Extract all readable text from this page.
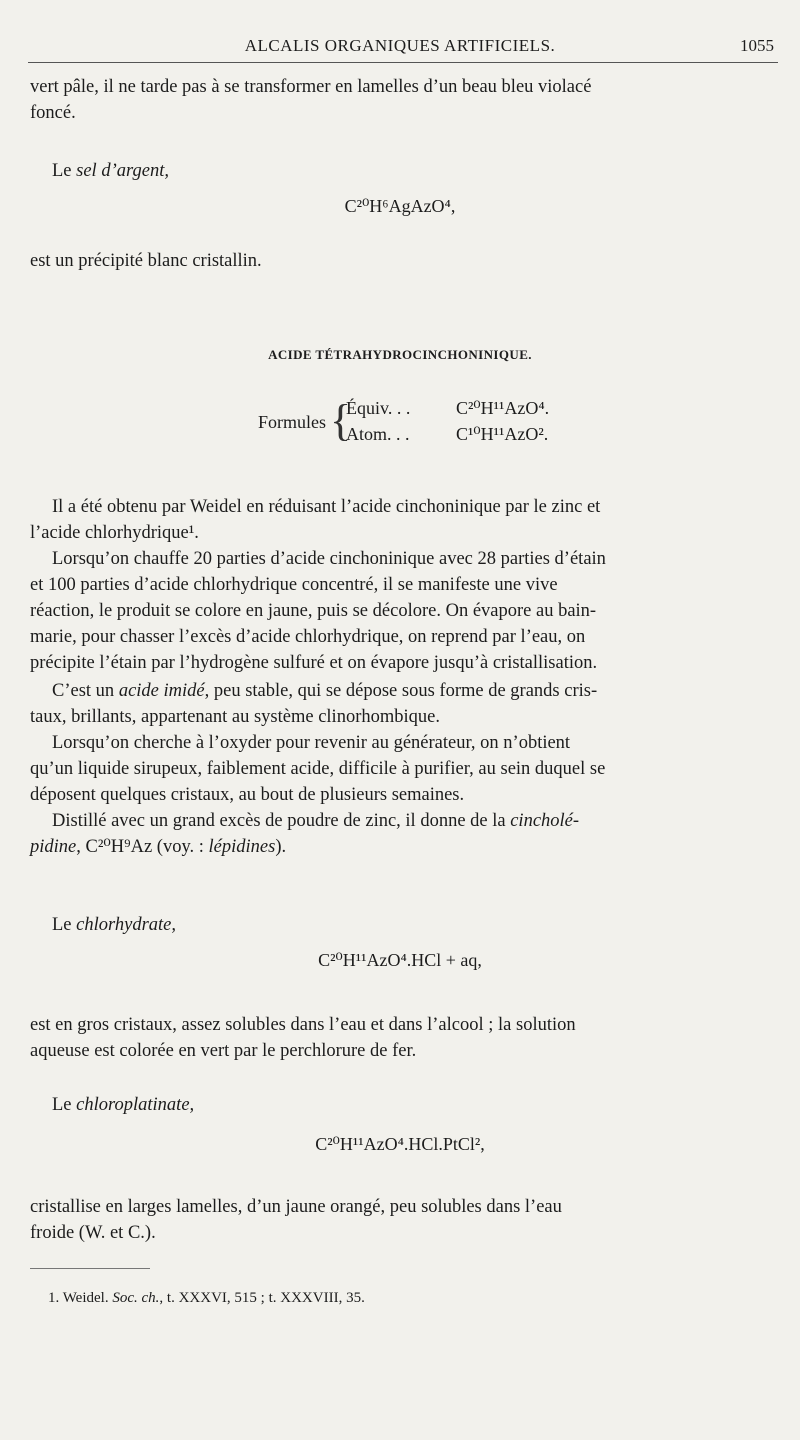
ALCALIS ORGANIQUES ARTIFICIELS.	1055
vert pâle, il ne tarde pas à se transformer en lamelles d’un beau bleu violacé
foncé.
Le sel d’argent,
C²⁰H⁶AgAzO⁴,
est un précipité blanc cristallin.
ACIDE TÉTRAHYDROCINCHONINIQUE.
Formules {
Équiv. . .	C²⁰H¹¹AzO⁴.
Atom. . .	C¹⁰H¹¹AzO².
Il a été obtenu par Weidel en réduisant l’acide cinchoninique par le zinc et
l’acide chlorhydrique¹.
Lorsqu’on chauffe 20 parties d’acide cinchoninique avec 28 parties d’étain
et 100 parties d’acide chlorhydrique concentré, il se manifeste une vive
réaction, le produit se colore en jaune, puis se décolore. On évapore au bain-
marie, pour chasser l’excès d’acide chlorhydrique, on reprend par l’eau, on
précipite l’étain par l’hydrogène sulfuré et on évapore jusqu’à cristallisation.
C’est un acide imidé, peu stable, qui se dépose sous forme de grands cris-
taux, brillants, appartenant au système clinorhombique.
Lorsqu’on cherche à l’oxyder pour revenir au générateur, on n’obtient
qu’un liquide sirupeux, faiblement acide, difficile à purifier, au sein duquel se
déposent quelques cristaux, au bout de plusieurs semaines.
Distillé avec un grand excès de poudre de zinc, il donne de la cincholé-
pidine, C²⁰H⁹Az (voy. : lépidines).
Le chlorhydrate,
C²⁰H¹¹AzO⁴.HCl + aq,
est en gros cristaux, assez solubles dans l’eau et dans l’alcool ; la solution
aqueuse est colorée en vert par le perchlorure de fer.
Le chloroplatinate,
C²⁰H¹¹AzO⁴.HCl.PtCl²,
cristallise en larges lamelles, d’un jaune orangé, peu solubles dans l’eau
froide (W. et C.).
1. Weidel. Soc. ch., t. XXXVI, 515 ; t. XXXVIII, 35.
